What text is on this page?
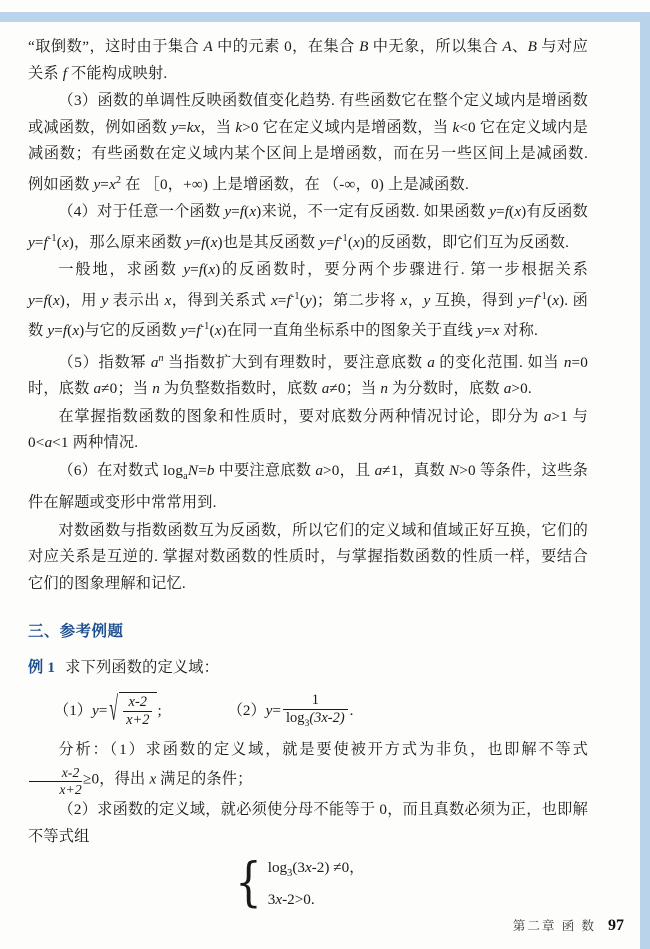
“取倒数”，这时由于集合 A 中的元素 0，在集合 B 中无象，所以集合 A、B 与对应关系 f 不能构成映射.

（3）函数的单调性反映函数值变化趋势. 有些函数它在整个定义域内是增函数或减函数，例如函数 y=kx，当 k>0 它在定义域内是增函数，当 k<0 它在定义域内是减函数；有些函数在定义域内某个区间上是增函数，而在另一些区间上是减函数. 例如函数 $y=x^2$ 在 ［0，+∞) 上是增函数，在 （-∞，0) 上是减函数.

（4）对于任意一个函数 y=f(x)来说，不一定有反函数. 如果函数 y=f(x)有反函数 $y=f^{-1}(x)$，那么原来函数 y=f(x)也是其反函数 $y=f^{-1}(x)$的反函数，即它们互为反函数.

一般地，求函数 y=f(x)的反函数时，要分两个步骤进行. 第一步根据关系 y=f(x)，用 y 表示出 x，得到关系式 $x=f^{-1}(y)$；第二步将 x，y 互换，得到 $y=f^{-1}(x)$. 函数 y=f(x)与它的反函数 $y=f^{-1}(x)$在同一直角坐标系中的图象关于直线 y=x 对称.

（5）指数幂 $a^n$ 当指数扩大到有理数时，要注意底数 a 的变化范围. 如当 n=0 时，底数 a≠0；当 n 为负整数指数时，底数 a≠0；当 n 为分数时，底数 a>0.

在掌握指数函数的图象和性质时，要对底数分两种情况讨论，即分为 a>1 与 0<a<1 两种情况.

（6）在对数式 $\log_aN=b$ 中要注意底数 a>0，且 a≠1，真数 N>0 等条件，这些条件在解题或变形中常常用到.

对数函数与指数函数互为反函数，所以它们的定义域和值域正好互换，它们的对应关系是互逆的. 掌握对数函数的性质时，与掌握指数函数的性质一样，要结合它们的图象理解和记忆.

三、参考例题

例 1 求下列函数的定义域：

（1） y = √ $\frac{x-2}{x+2}$ ;	（2） $y = \frac{1}{\log_3(3x-2)}$ .

分析：（1）求函数的定义域，就是要使被开方式为非负，也即解不等式
$\frac{x-2}{x+2} \ge 0$，得出 x 满足的条件；

（2）求函数的定义域，就必须使分母不能等于 0，而且真数必须为正，也即解不等式组

{ $\log_3(3x-2) \ne 0$，
3x-2>0.
第二章 函 数 97
